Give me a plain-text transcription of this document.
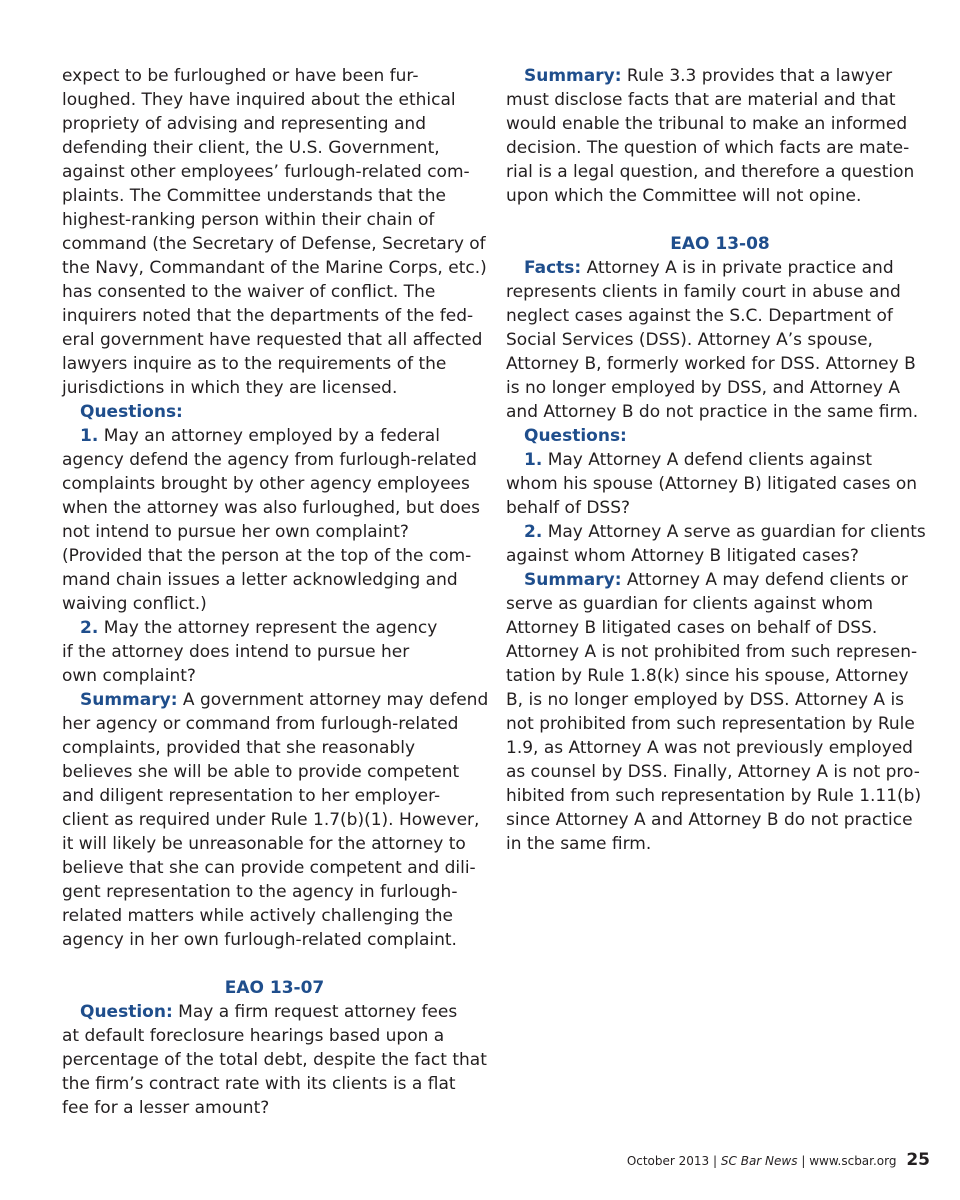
expect to be furloughed or have been fur-
loughed. They have inquired about the ethical
propriety of advising and representing and
defending their client, the U.S. Government,
against other employees’ furlough-related com-
plaints. The Committee understands that the
highest-ranking person within their chain of
command (the Secretary of Defense, Secretary of
the Navy, Commandant of the Marine Corps, etc.)
has consented to the waiver of conflict. The
inquirers noted that the departments of the fed-
eral government have requested that all affected
lawyers inquire as to the requirements of the
jurisdictions in which they are licensed.
Questions:
1. May an attorney employed by a federal
agency defend the agency from furlough-related
complaints brought by other agency employees
when the attorney was also furloughed, but does
not intend to pursue her own complaint?
(Provided that the person at the top of the com-
mand chain issues a letter acknowledging and
waiving conflict.)
2. May the attorney represent the agency
if the attorney does intend to pursue her
own complaint?
Summary: A government attorney may defend
her agency or command from furlough-related
complaints, provided that she reasonably
believes she will be able to provide competent
and diligent representation to her employer-
client as required under Rule 1.7(b)(1). However,
it will likely be unreasonable for the attorney to
believe that she can provide competent and dili-
gent representation to the agency in furlough-
related matters while actively challenging the
agency in her own furlough-related complaint.
EAO 13-07
Question: May a firm request attorney fees
at default foreclosure hearings based upon a
percentage of the total debt, despite the fact that
the firm’s contract rate with its clients is a flat
fee for a lesser amount?
Summary: Rule 3.3 provides that a lawyer
must disclose facts that are material and that
would enable the tribunal to make an informed
decision. The question of which facts are mate-
rial is a legal question, and therefore a question
upon which the Committee will not opine.
EAO 13-08
Facts: Attorney A is in private practice and
represents clients in family court in abuse and
neglect cases against the S.C. Department of
Social Services (DSS). Attorney A’s spouse,
Attorney B, formerly worked for DSS. Attorney B
is no longer employed by DSS, and Attorney A
and Attorney B do not practice in the same firm.
Questions:
1. May Attorney A defend clients against
whom his spouse (Attorney B) litigated cases on
behalf of DSS?
2. May Attorney A serve as guardian for clients
against whom Attorney B litigated cases?
Summary: Attorney A may defend clients or
serve as guardian for clients against whom
Attorney B litigated cases on behalf of DSS.
Attorney A is not prohibited from such represen-
tation by Rule 1.8(k) since his spouse, Attorney
B, is no longer employed by DSS. Attorney A is
not prohibited from such representation by Rule
1.9, as Attorney A was not previously employed
as counsel by DSS. Finally, Attorney A is not pro-
hibited from such representation by Rule 1.11(b)
since Attorney A and Attorney B do not practice
in the same firm.
October 2013 | SC Bar News | www.scbar.org 25
